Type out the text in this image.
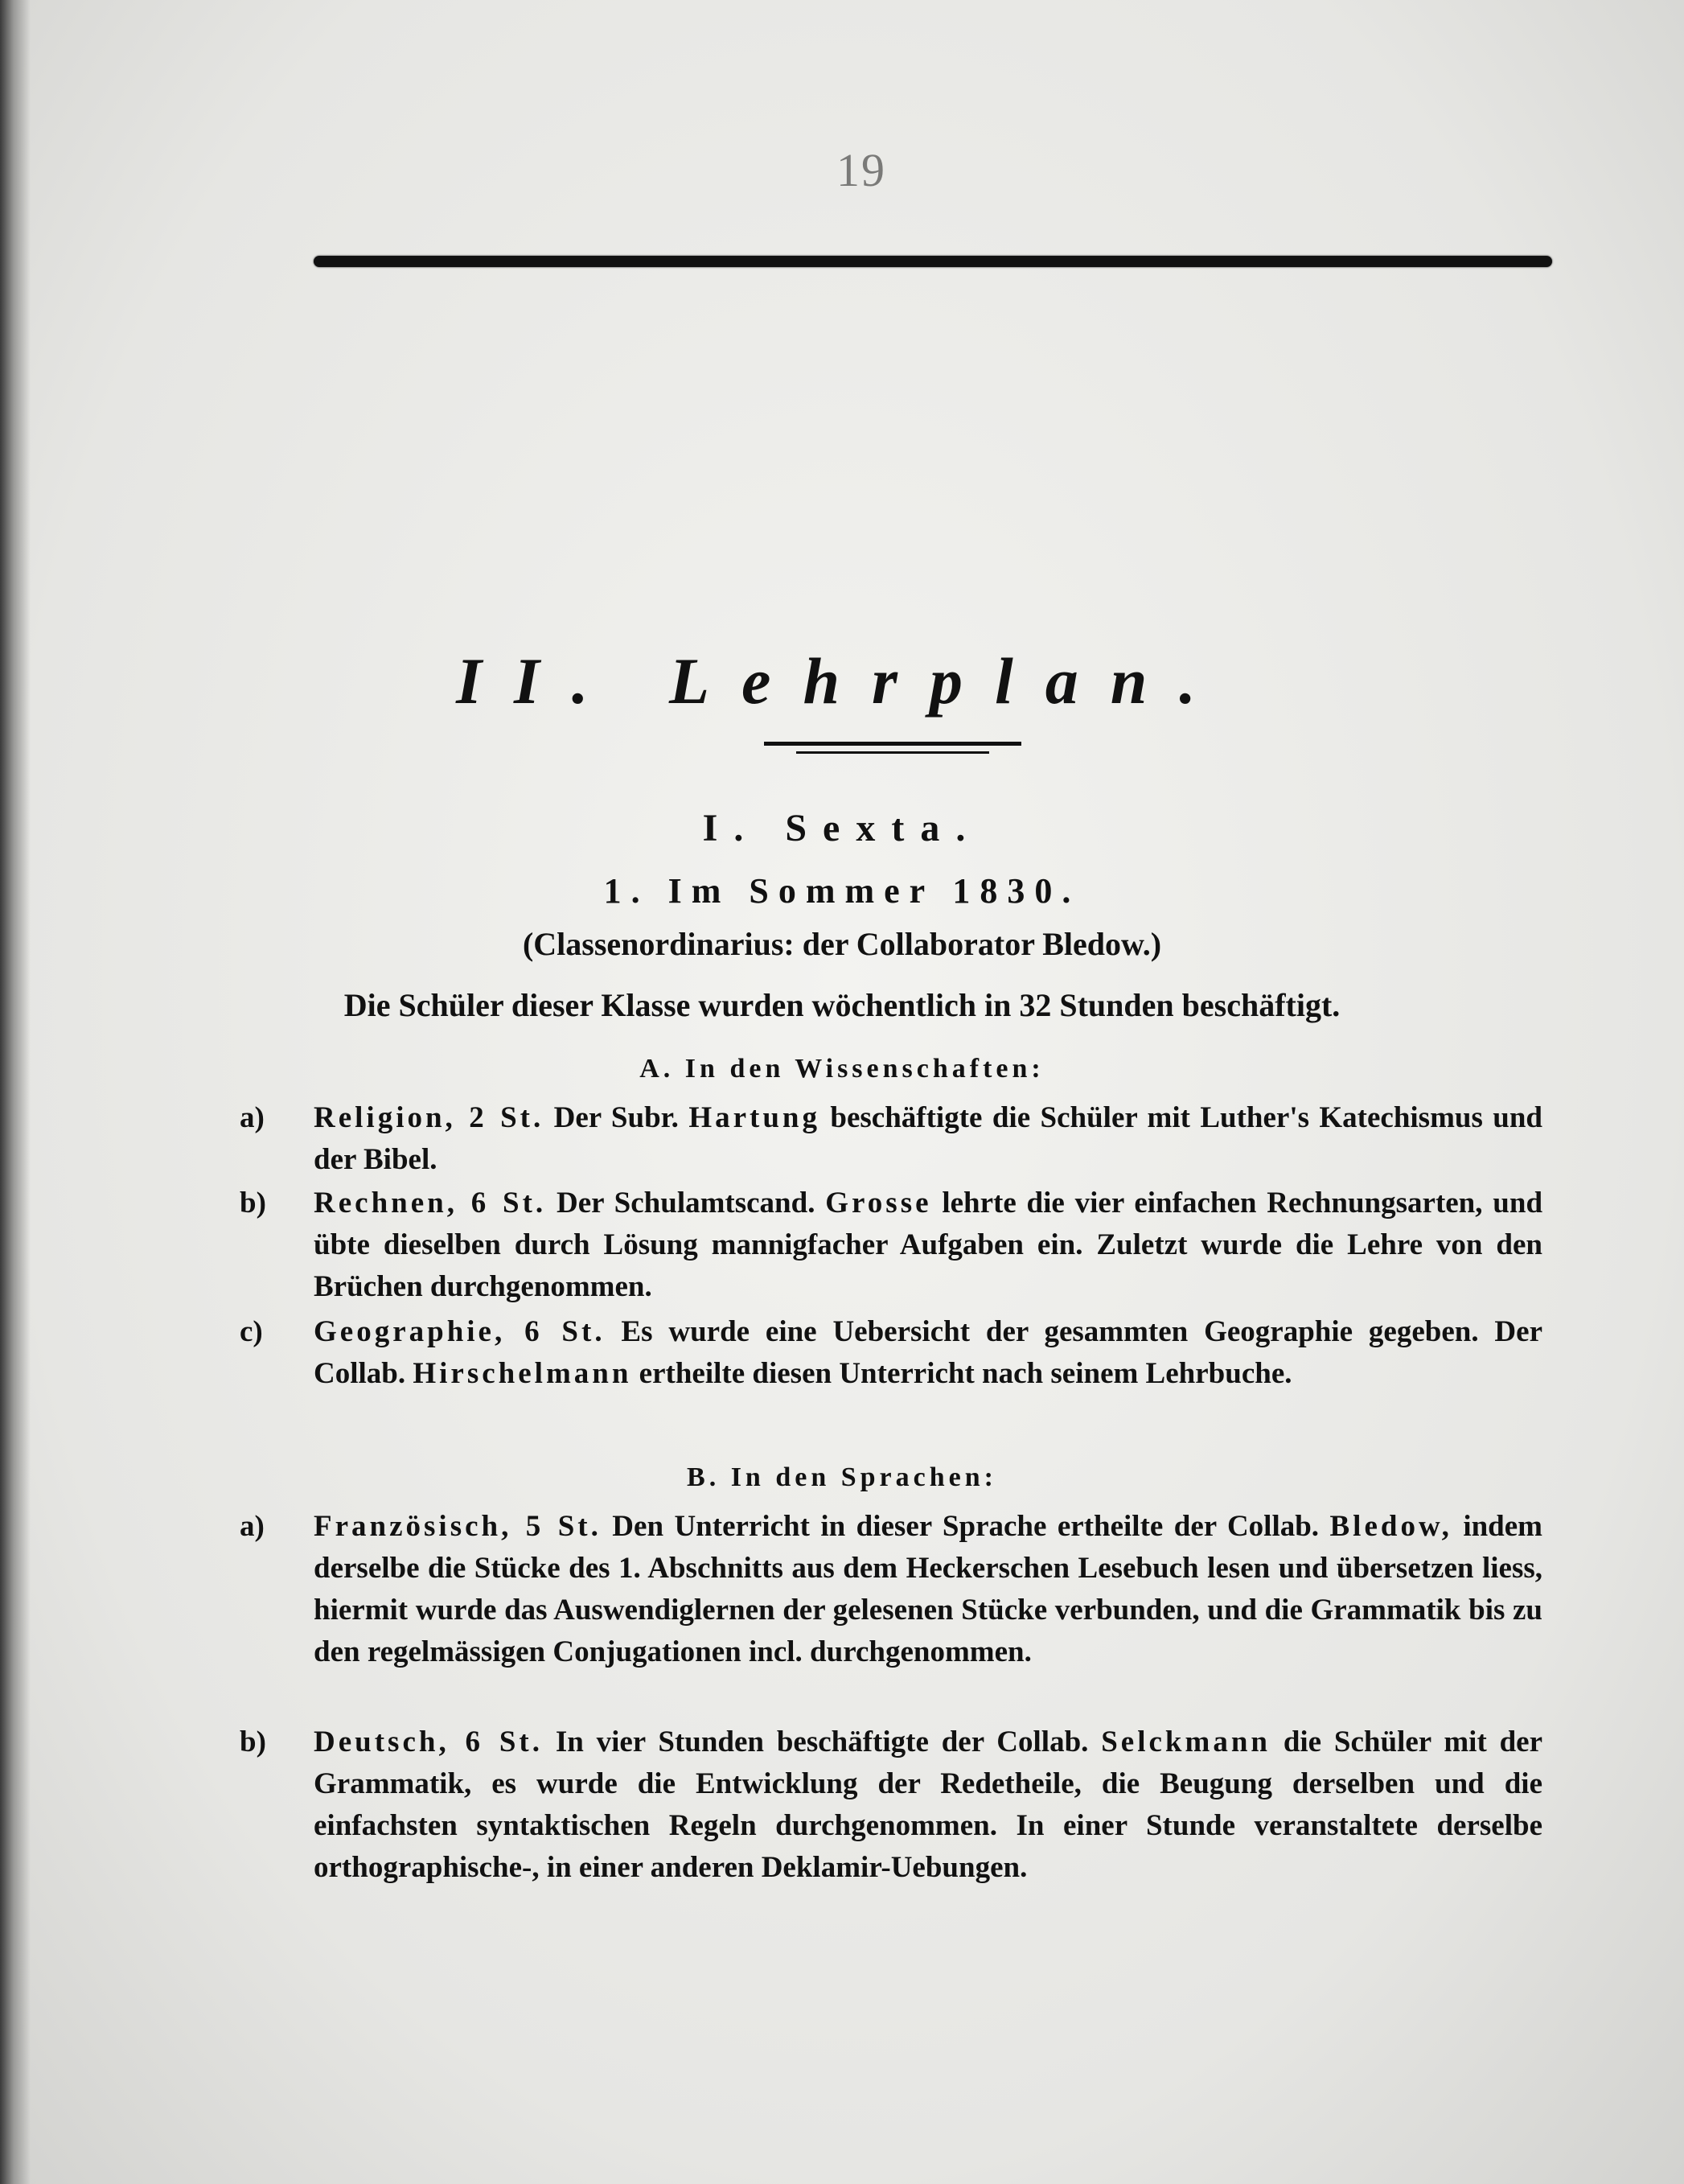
19
II. Lehrplan.
I. Sexta.
1. Im Sommer 1830.
(Classenordinarius: der Collaborator Bledow.)
Die Schüler dieser Klasse wurden wöchentlich in 32 Stunden beschäftigt.
A. In den Wissenschaften:
a) Religion, 2 St. Der Subr. Hartung beschäftigte die Schüler mit Luther's Katechismus und der Bibel.
b) Rechnen, 6 St. Der Schulamtscand. Grosse lehrte die vier einfachen Rechnungsarten, und übte dieselben durch Lösung mannigfacher Aufgaben ein. Zuletzt wurde die Lehre von den Brüchen durchgenommen.
c) Geographie, 6 St. Es wurde eine Uebersicht der gesammten Geographie gegeben. Der Collab. Hirschelmann ertheilte diesen Unterricht nach seinem Lehrbuche.
B. In den Sprachen:
a) Französisch, 5 St. Den Unterricht in dieser Sprache ertheilte der Collab. Bledow, indem derselbe die Stücke des 1. Abschnitts aus dem Heckerschen Lesebuch lesen und übersetzen liess, hiermit wurde das Auswendiglernen der gelesenen Stücke verbunden, und die Grammatik bis zu den regelmässigen Conjugationen incl. durchgenommen.
b) Deutsch, 6 St. In vier Stunden beschäftigte der Collab. Selckmann die Schüler mit der Grammatik, es wurde die Entwicklung der Redetheile, die Beugung derselben und die einfachsten syntaktischen Regeln durchgenommen. In einer Stunde veranstaltete derselbe orthographische-, in einer anderen Deklamir-Uebungen.
